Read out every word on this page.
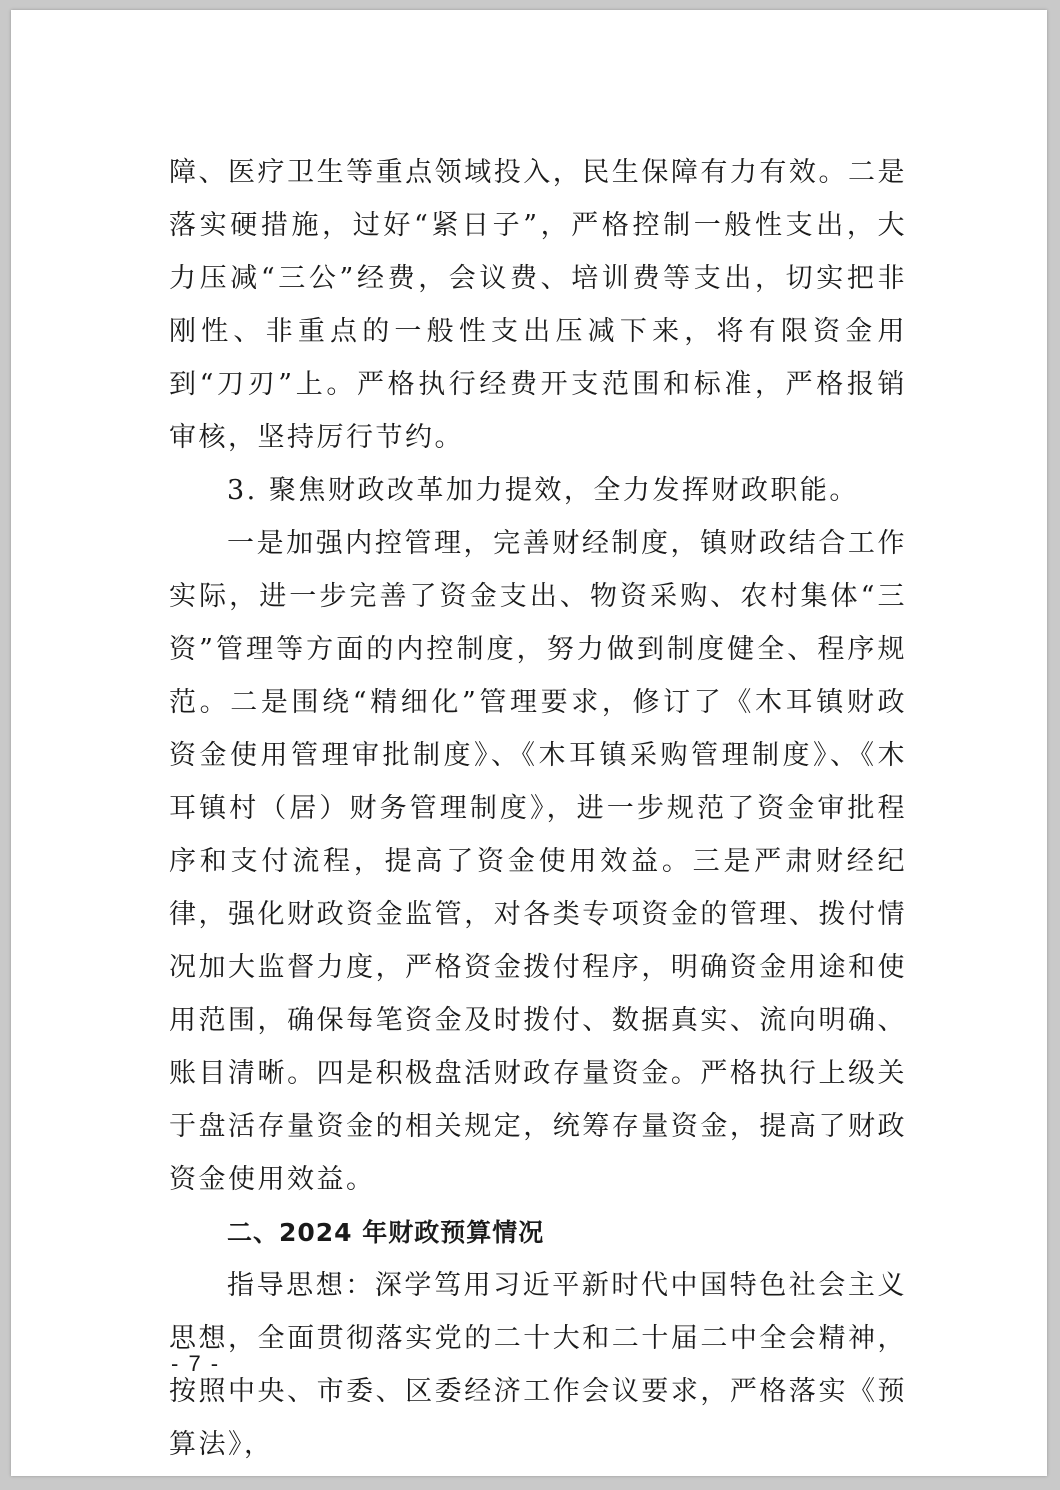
障、医疗卫生等重点领域投入，民生保障有力有效。二是落实硬措施，过好“紧日子”，严格控制一般性支出，大力压减“三公”经费，会议费、培训费等支出，切实把非刚性、非重点的一般性支出压减下来，将有限资金用到“刀刃”上。严格执行经费开支范围和标准，严格报销审核，坚持厉行节约。

3. 聚焦财政改革加力提效，全力发挥财政职能。

一是加强内控管理，完善财经制度，镇财政结合工作实际，进一步完善了资金支出、物资采购、农村集体“三资”管理等方面的内控制度，努力做到制度健全、程序规范。二是围绕“精细化”管理要求，修订了《木耳镇财政资金使用管理审批制度》、《木耳镇采购管理制度》、《木耳镇村（居）财务管理制度》，进一步规范了资金审批程序和支付流程，提高了资金使用效益。三是严肃财经纪律，强化财政资金监管，对各类专项资金的管理、拨付情况加大监督力度，严格资金拨付程序，明确资金用途和使用范围，确保每笔资金及时拨付、数据真实、流向明确、账目清晰。四是积极盘活财政存量资金。严格执行上级关于盘活存量资金的相关规定，统筹存量资金，提高了财政资金使用效益。

二、2024 年财政预算情况

指导思想：深学笃用习近平新时代中国特色社会主义思想，全面贯彻落实党的二十大和二十届二中全会精神，按照中央、市委、区委经济工作会议要求，严格落实《预算法》，

- 7 -
